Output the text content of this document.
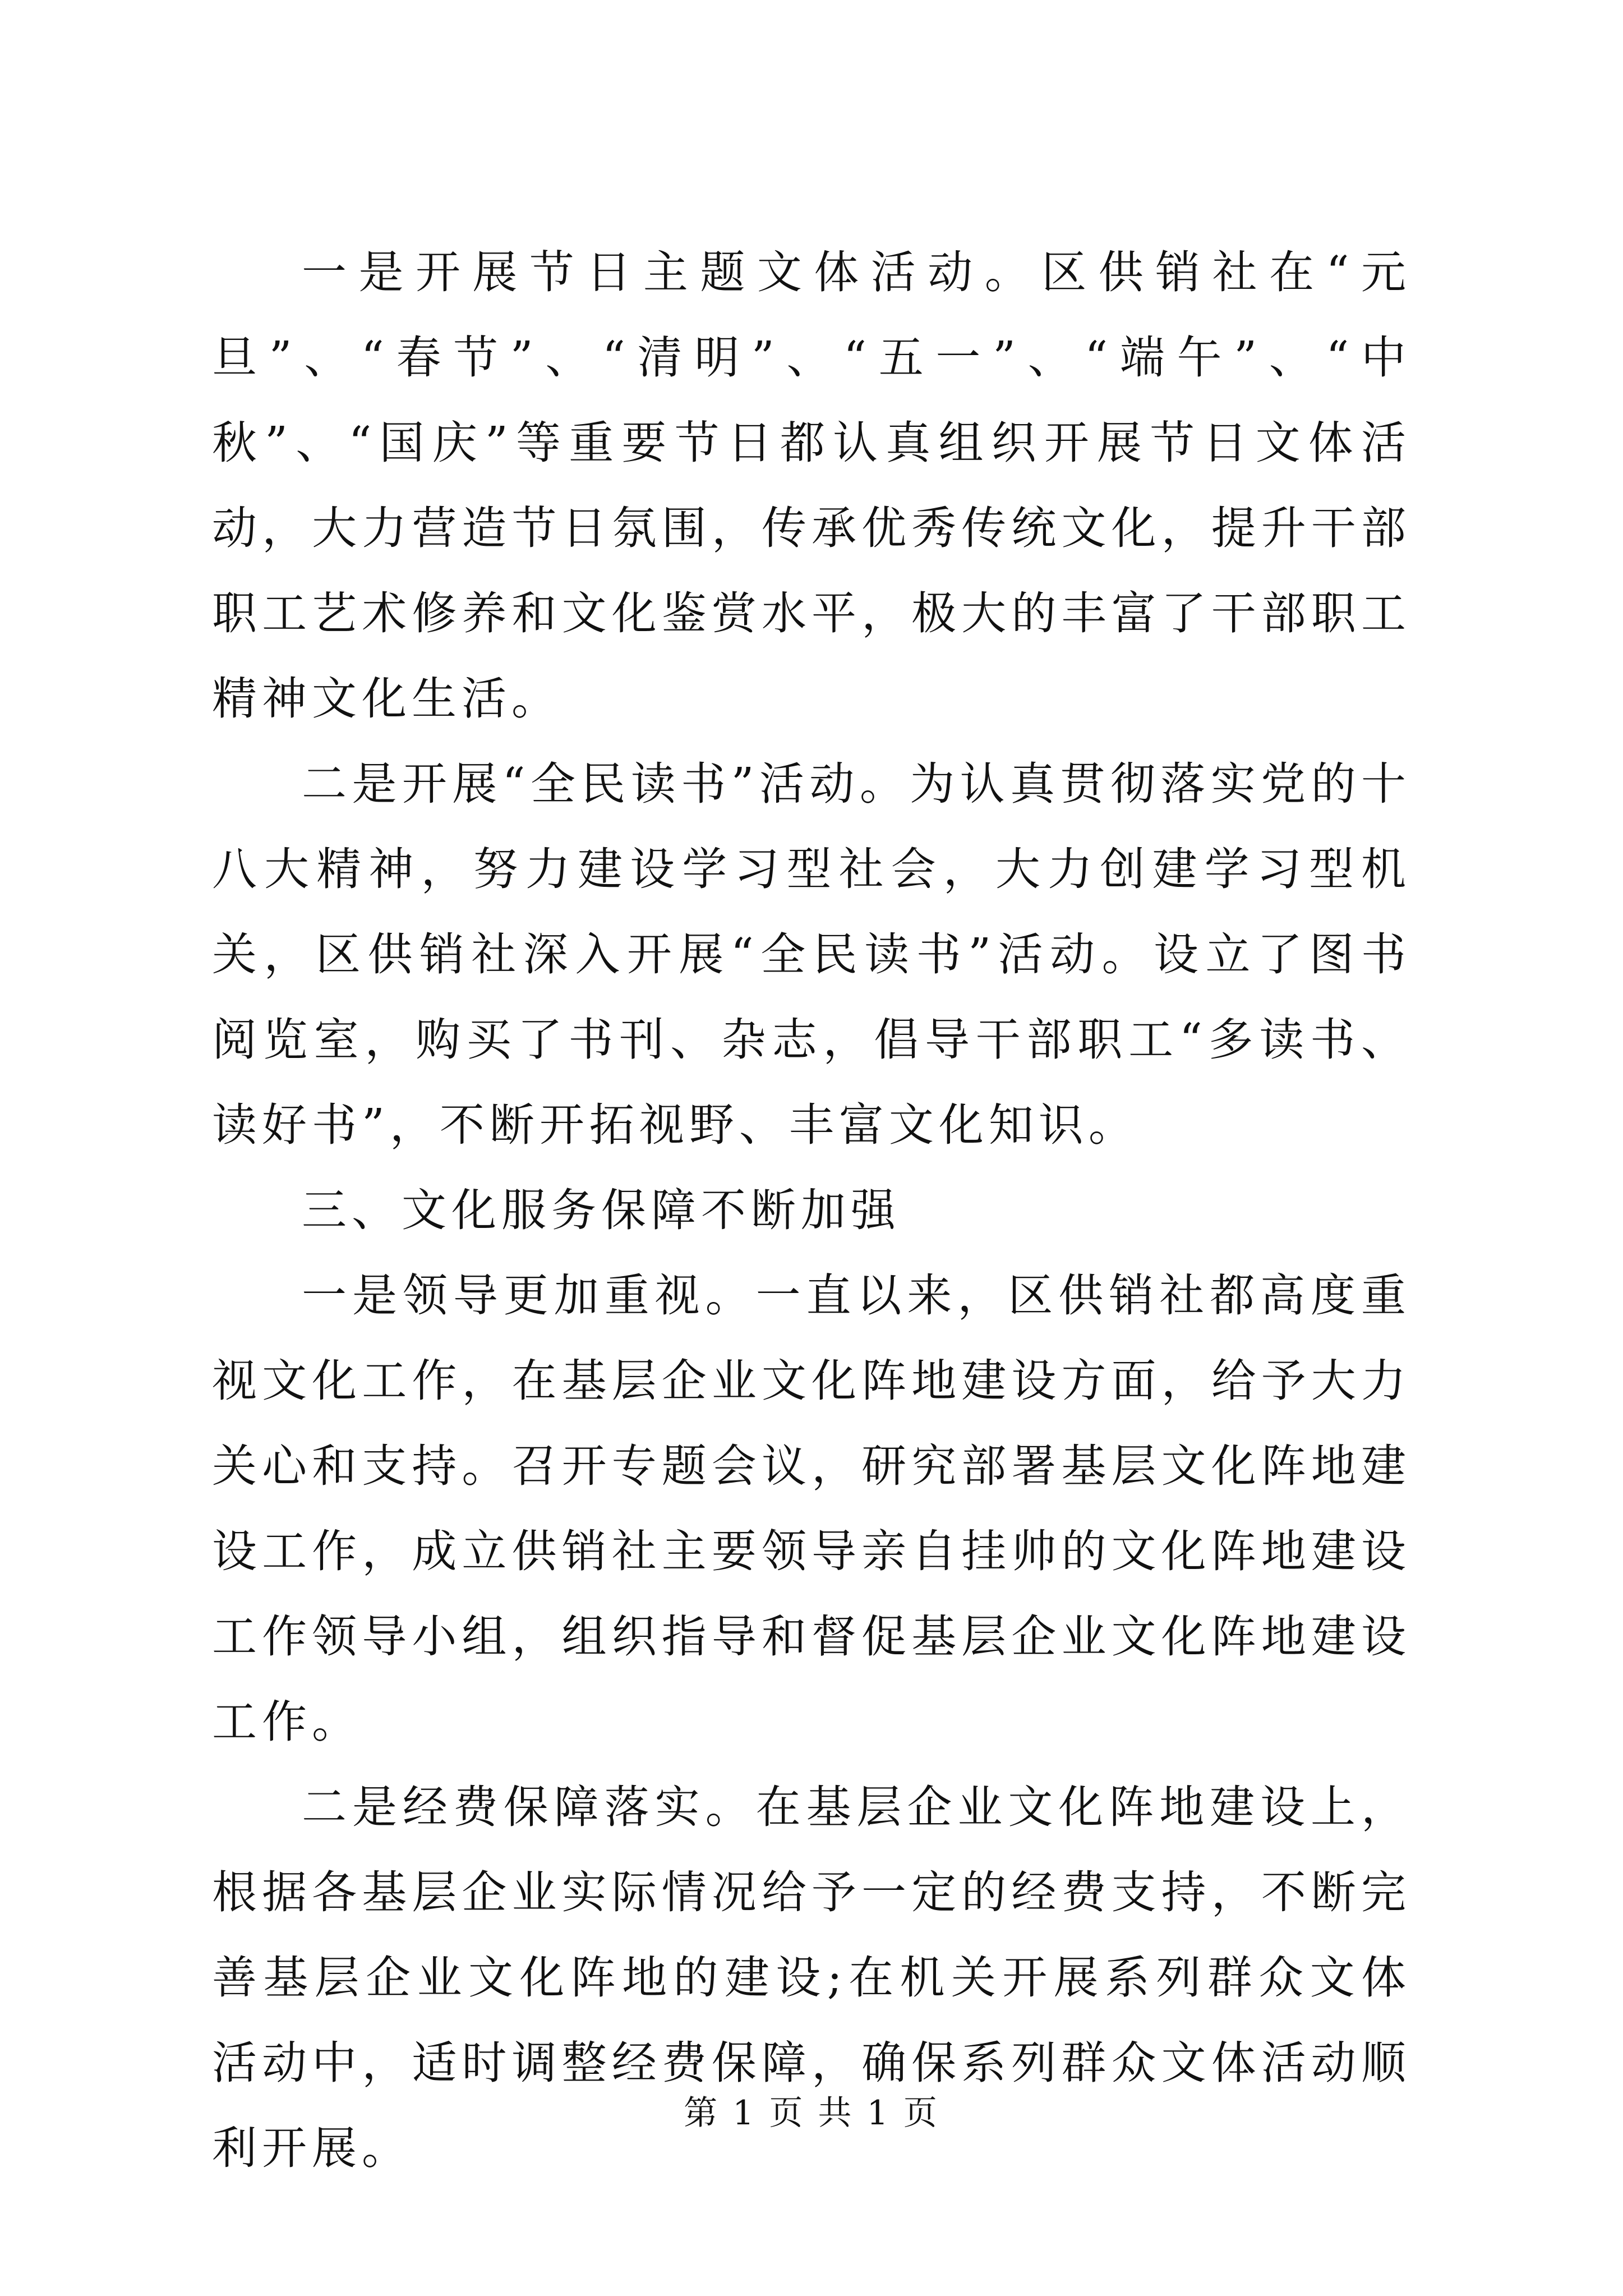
一是开展节日主题文体活动。区供销社在“元旦”、“春节”、“清明”、“五一”、“端午”、“中秋”、“国庆”等重要节日都认真组织开展节日文体活动，大力营造节日氛围，传承优秀传统文化，提升干部职工艺术修养和文化鉴赏水平，极大的丰富了干部职工精神文化生活。

二是开展“全民读书”活动。为认真贯彻落实党的十八大精神，努力建设学习型社会，大力创建学习型机关，区供销社深入开展“全民读书”活动。设立了图书阅览室，购买了书刊、杂志，倡导干部职工“多读书、读好书”，不断开拓视野、丰富文化知识。

三、文化服务保障不断加强

一是领导更加重视。一直以来，区供销社都高度重视文化工作，在基层企业文化阵地建设方面，给予大力关心和支持。召开专题会议，研究部署基层文化阵地建设工作，成立供销社主要领导亲自挂帅的文化阵地建设工作领导小组，组织指导和督促基层企业文化阵地建设工作。

二是经费保障落实。在基层企业文化阵地建设上，根据各基层企业实际情况给予一定的经费支持，不断完善基层企业文化阵地的建设;在机关开展系列群众文体活动中，适时调整经费保障，确保系列群众文体活动顺利开展。

第 1 页 共 1 页
